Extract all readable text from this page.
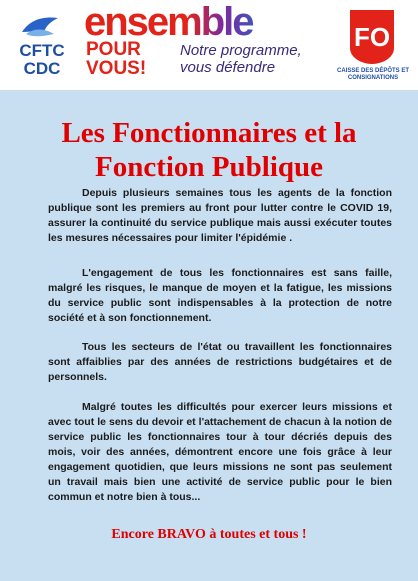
CFTC
CDC
ensemble
POUR VOUS!
Notre programme, vous défendre
FO
CAISSE DES DÉPÔTS ET CONSIGNATIONS
Les Fonctionnaires et la Fonction Publique

Depuis plusieurs semaines tous les agents de la fonction publique sont les premiers au front pour lutter contre le COVID 19, assurer la continuité du service publique mais aussi exécuter toutes les mesures nécessaires pour limiter l'épidémie .

L'engagement de tous les fonctionnaires est sans faille, malgré les risques, le manque de moyen et la fatigue, les missions du service public sont indispensables à la protection de notre société et à son fonctionnement.

Tous les secteurs de l'état ou travaillent les fonctionnaires sont affaiblies par des années de restrictions budgétaires et de personnels.

Malgré toutes les difficultés pour exercer leurs missions et avec tout le sens du devoir et l'attachement de chacun à la notion de service public les fonctionnaires tour à tour décriés depuis des mois, voir des années, démontrent encore une fois grâce à leur engagement quotidien, que leurs missions ne sont pas seulement un travail mais bien une activité de service public pour le bien commun et notre bien à tous...

Encore BRAVO à toutes et tous !
